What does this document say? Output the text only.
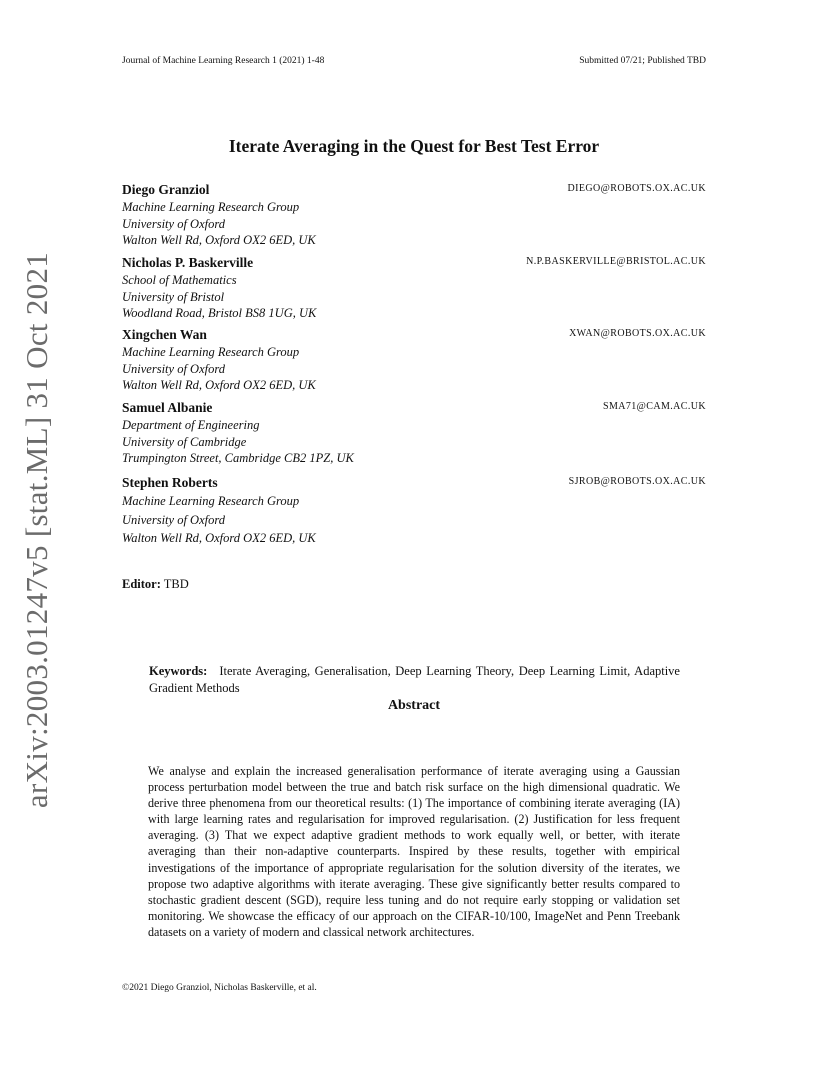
Journal of Machine Learning Research 1 (2021) 1-48	Submitted 07/21; Published TBD
Iterate Averaging in the Quest for Best Test Error
Diego Granziol	DIEGO@ROBOTS.OX.AC.UK
Machine Learning Research Group
University of Oxford
Walton Well Rd, Oxford OX2 6ED, UK
Nicholas P. Baskerville	N.P.BASKERVILLE@BRISTOL.AC.UK
School of Mathematics
University of Bristol
Woodland Road, Bristol BS8 1UG, UK
Xingchen Wan	XWAN@ROBOTS.OX.AC.UK
Machine Learning Research Group
University of Oxford
Walton Well Rd, Oxford OX2 6ED, UK
Samuel Albanie	SMA71@CAM.AC.UK
Department of Engineering
University of Cambridge
Trumpington Street, Cambridge CB2 1PZ, UK
Stephen Roberts	SJROB@ROBOTS.OX.AC.UK
Machine Learning Research Group
University of Oxford
Walton Well Rd, Oxford OX2 6ED, UK
Editor: TBD
Keywords: Iterate Averaging, Generalisation, Deep Learning Theory, Deep Learning Limit, Adaptive Gradient Methods
Abstract
We analyse and explain the increased generalisation performance of iterate averaging using a Gaussian process perturbation model between the true and batch risk surface on the high dimensional quadratic. We derive three phenomena from our theoretical results: (1) The importance of combining iterate averaging (IA) with large learning rates and regularisation for improved regularisation. (2) Justification for less frequent averaging. (3) That we expect adaptive gradient methods to work equally well, or better, with iterate averaging than their non-adaptive counterparts. Inspired by these results, together with empirical investigations of the importance of appropriate regularisation for the solution diversity of the iterates, we propose two adaptive algorithms with iterate averaging. These give significantly better results compared to stochastic gradient descent (SGD), require less tuning and do not require early stopping or validation set monitoring. We showcase the efficacy of our approach on the CIFAR-10/100, ImageNet and Penn Treebank datasets on a variety of modern and classical network architectures.
©2021 Diego Granziol, Nicholas Baskerville, et al.
arXiv:2003.01247v5 [stat.ML] 31 Oct 2021
